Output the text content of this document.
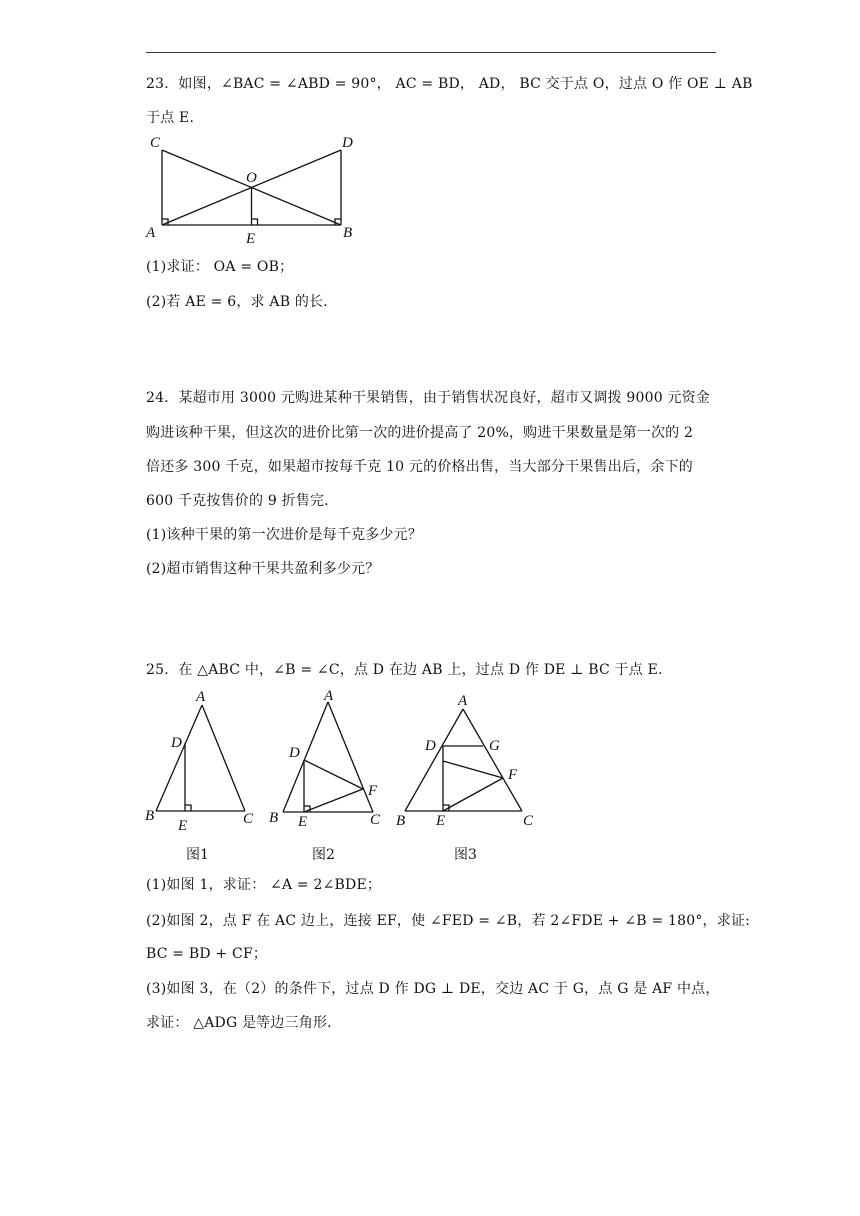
23．如图，∠BAC = ∠ABD = 90°， AC = BD， AD， BC 交于点 O，过点 O 作 OE ⊥ AB
于点 E．
C	D
O
A	E	B
(1)求证： OA = OB；
(2)若 AE = 6，求 AB 的长．
24．某超市用 3000 元购进某种干果销售，由于销售状况良好，超市又调拨 9000 元资金
购进该种干果，但这次的进价比第一次的进价提高了 20%，购进干果数量是第一次的 2
倍还多 300 千克，如果超市按每千克 10 元的价格出售，当大部分干果售出后，余下的
600 千克按售价的 9 折售完．
(1)该种干果的第一次进价是每千克多少元？
(2)超市销售这种干果共盈利多少元？
25．在 △ABC 中，∠B = ∠C，点 D 在边 AB 上，过点 D 作 DE ⊥ BC 于点 E．
A
D
B
E	C
图1
A
D
F
B E	C
图2
A
D	G
F
B E	C
图3
(1)如图 1，求证： ∠A = 2∠BDE；
(2)如图 2，点 F 在 AC 边上，连接 EF，使 ∠FED = ∠B，若 2∠FDE + ∠B = 180°，求证:
BC = BD + CF；
(3)如图 3，在（2）的条件下，过点 D 作 DG ⊥ DE，交边 AC 于 G，点 G 是 AF 中点，
求证： △ADG 是等边三角形．
